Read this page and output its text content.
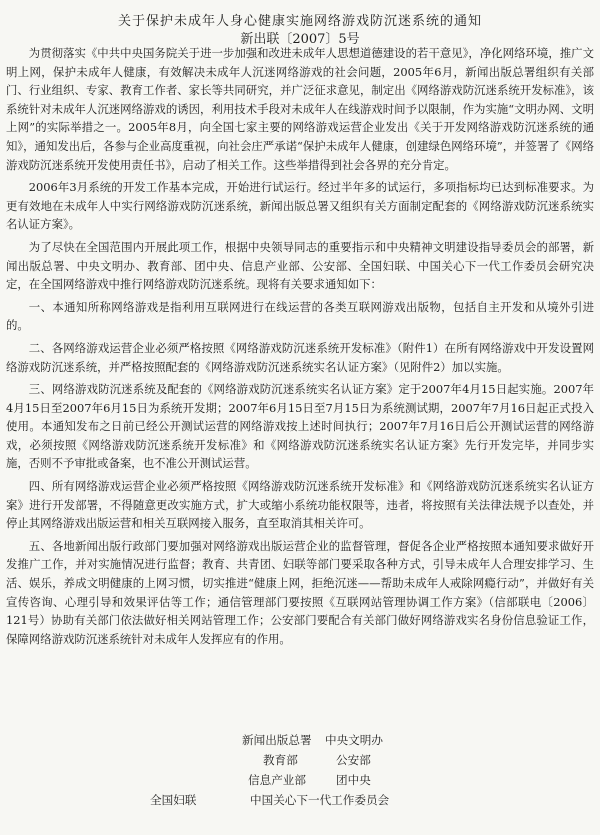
关于保护未成年人身心健康实施网络游戏防沉迷系统的通知
新出联〔2007〕5号

为贯彻落实《中共中央国务院关于进一步加强和改进未成年人思想道德建设的若干意见》，净化网络环境，推广文明上网，保护未成年人健康，有效解决未成年人沉迷网络游戏的社会问题，2005年6月，新闻出版总署组织有关部门、行业组织、专家、教育工作者、家长等共同研究，并广泛征求意见，制定出《网络游戏防沉迷系统开发标准》，该系统针对未成年人沉迷网络游戏的诱因，利用技术手段对未成年人在线游戏时间予以限制，作为实施“文明办网、文明上网”的实际举措之一。2005年8月，向全国七家主要的网络游戏运营企业发出《关于开发网络游戏防沉迷系统的通知》，通知发出后，各参与企业高度重视，向社会庄严承诺“保护未成年人健康，创建绿色网络环境”，并签署了《网络游戏防沉迷系统开发使用责任书》，启动了相关工作。这些举措得到社会各界的充分肯定。

2006年3月系统的开发工作基本完成，开始进行试运行。经过半年多的试运行，多项指标均已达到标准要求。为更有效地在未成年人中实行网络游戏防沉迷系统，新闻出版总署又组织有关方面制定配套的《网络游戏防沉迷系统实名认证方案》。

为了尽快在全国范围内开展此项工作，根据中央领导同志的重要指示和中央精神文明建设指导委员会的部署，新闻出版总署、中央文明办、教育部、团中央、信息产业部、公安部、全国妇联、中国关心下一代工作委员会研究决定，在全国网络游戏中推行网络游戏防沉迷系统。现将有关要求通知如下：

一、本通知所称网络游戏是指利用互联网进行在线运营的各类互联网游戏出版物，包括自主开发和从境外引进的。

二、各网络游戏运营企业必须严格按照《网络游戏防沉迷系统开发标准》（附件1）在所有网络游戏中开发设置网络游戏防沉迷系统，并严格按照配套的《网络游戏防沉迷系统实名认证方案》（见附件2）加以实施。

三、网络游戏防沉迷系统及配套的《网络游戏防沉迷系统实名认证方案》定于2007年4月15日起实施。2007年4月15日至2007年6月15日为系统开发期；2007年6月15日至7月15日为系统测试期，2007年7月16日起正式投入使用。本通知发布之日前已经公开测试运营的网络游戏按上述时间执行；2007年7月16日后公开测试运营的网络游戏，必须按照《网络游戏防沉迷系统开发标准》和《网络游戏防沉迷系统实名认证方案》先行开发完毕，并同步实施，否则不予审批或备案，也不准公开测试运营。

四、所有网络游戏运营企业必须严格按照《网络游戏防沉迷系统开发标准》和《网络游戏防沉迷系统实名认证方案》进行开发部署，不得随意更改实施方式，扩大或缩小系统功能权限等，违者，将按照有关法律法规予以查处，并停止其网络游戏出版运营和相关互联网接入服务，直至取消其相关许可。

五、各地新闻出版行政部门要加强对网络游戏出版运营企业的监督管理，督促各企业严格按照本通知要求做好开发推广工作，并对实施情况进行监督；教育、共青团、妇联等部门要采取各种方式，引导未成年人合理安排学习、生活、娱乐，养成文明健康的上网习惯，切实推进“健康上网，拒绝沉迷——帮助未成年人戒除网瘾行动”，并做好有关宣传咨询、心理引导和效果评估等工作；通信管理部门要按照《互联网站管理协调工作方案》（信部联电〔2006〕121号）协助有关部门依法做好相关网站管理工作；公安部门要配合有关部门做好网络游戏实名身份信息验证工作，保障网络游戏防沉迷系统针对未成年人发挥应有的作用。

新闻出版总署 中央文明办
教育部	公安部
信息产业部	团中央
全国妇联	中国关心下一代工作委员会
